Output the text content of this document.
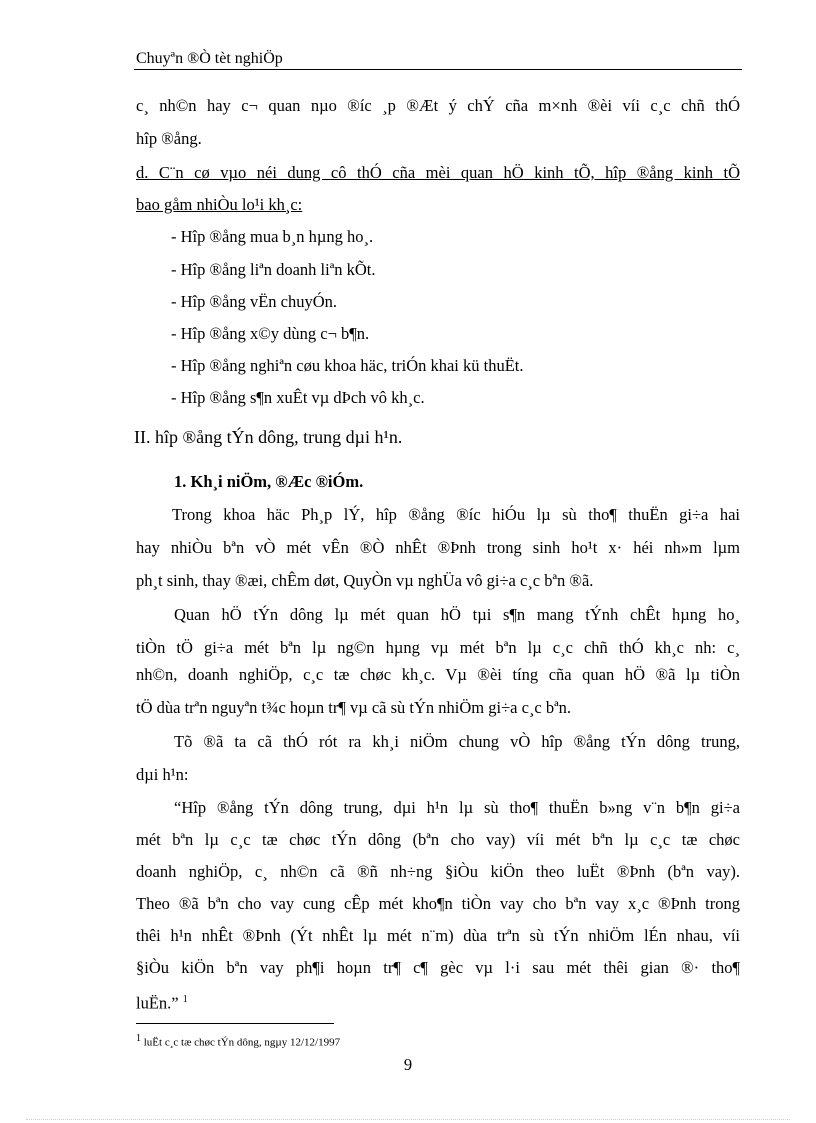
Chuyªn ®Ò tèt nghiÖp
c¸ nh©n hay c¬ quan nµo ®íc ¸p ®Æt ý chÝ cña m×nh ®èi víi c¸c chñ thÓ
hîp ®ång.
d. C¨n cø vµo néi dung cô thÓ cña mèi quan hÖ kinh tÕ, hîp ®ång kinh tÕ
bao gåm nhiÒu lo¹i kh¸c:
- Hîp ®ång mua b¸n hµng ho¸.
- Hîp ®ång liªn doanh liªn kÕt.
- Hîp ®ång vËn chuyÓn.
- Hîp ®ång x©y dùng c¬ b¶n.
- Hîp ®ång nghiªn cøu khoa häc, triÓn khai kü thuËt.
- Hîp ®ång s¶n xuÊt vµ dÞch vô kh¸c.
II. hîp ®ång tÝn dông, trung dµi h¹n.
1. Kh¸i niÖm, ®Æc ®iÓm.
Trong khoa häc Ph¸p lÝ, hîp ®ång ®íc hiÓu lµ sù tho¶ thuËn gi÷a hai
hay nhiÒu bªn vÒ mét vÊn ®Ò nhÊt ®Þnh trong sinh ho¹t x· héi nh»m lµm
ph¸t sinh, thay ®æi, chÊm døt, QuyÒn vµ nghÜa vô gi÷a c¸c bªn ®ã.
Quan hÖ tÝn dông lµ mét quan hÖ tµi s¶n mang tÝnh chÊt hµng ho¸
tiÒn tÖ gi÷a mét bªn lµ ng©n hµng vµ mét bªn lµ c¸c chñ thÓ kh¸c nh: c¸
nh©n, doanh nghiÖp, c¸c tæ chøc kh¸c. Vµ ®èi tíng cña quan hÖ ®ã lµ tiÒn
tÖ dùa trªn nguyªn t¾c hoµn tr¶ vµ cã sù tÝn nhiÖm gi÷a c¸c bªn.
Tõ ®ã ta cã thÓ rót ra kh¸i niÖm chung vÒ hîp ®ång tÝn dông trung,
dµi h¹n:
“Hîp ®ång tÝn dông trung, dµi h¹n lµ sù tho¶ thuËn b»ng v¨n b¶n gi÷a
mét bªn lµ c¸c tæ chøc tÝn dông (bªn cho vay) víi mét bªn lµ c¸c tæ chøc
doanh nghiÖp, c¸ nh©n cã ®ñ nh÷ng §iÒu kiÖn theo luËt ®Þnh (bªn vay).
Theo ®ã bªn cho vay cung cÊp mét kho¶n tiÒn vay cho bªn vay x¸c ®Þnh trong
thêi h¹n nhÊt ®Þnh (Ýt nhÊt lµ mét n¨m) dùa trªn sù tÝn nhiÖm lÉn nhau, víi
§iÒu kiÖn bªn vay ph¶i hoµn tr¶ c¶ gèc vµ l·i sau mét thêi gian ®· tho¶
luËn.” $^1$
1 luËt c¸c tæ chøc tÝn dông, ngµy 12/12/1997
9
